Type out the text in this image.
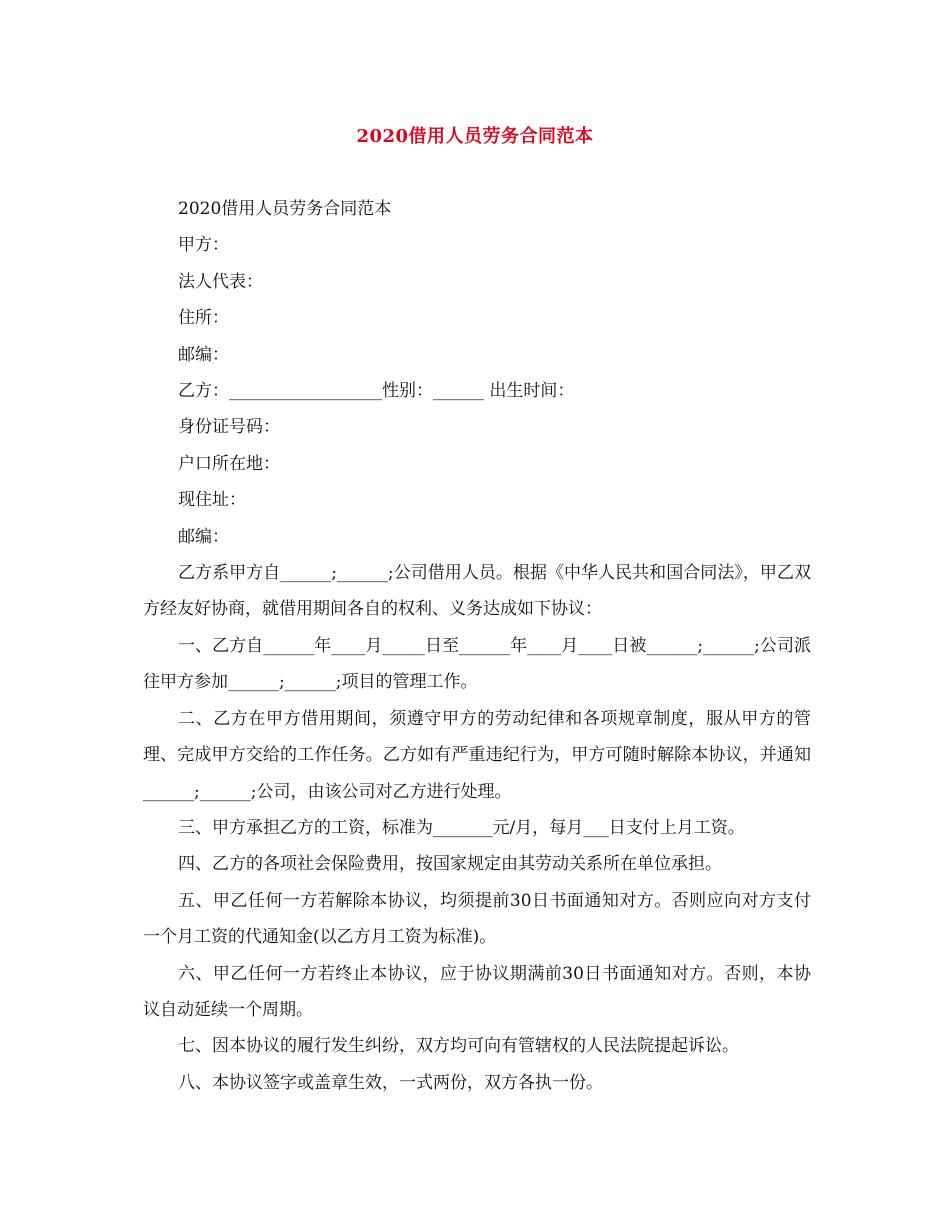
2020借用人员劳务合同范本

2020借用人员劳务合同范本

甲方：

法人代表：

住所：

邮编：

乙方：__________________性别：______ 出生时间：

身份证号码：

户口所在地：

现住址：

邮编：

乙方系甲方自______;______;公司借用人员。根据《中华人民共和国合同法》，甲乙双方经友好协商，就借用期间各自的权利、义务达成如下协议：

一、乙方自______年____月_____日至______年____月____日被______;______;公司派往甲方参加______;______;项目的管理工作。

二、乙方在甲方借用期间，须遵守甲方的劳动纪律和各项规章制度，服从甲方的管理、完成甲方交给的工作任务。乙方如有严重违纪行为，甲方可随时解除本协议，并通知______;______;公司，由该公司对乙方进行处理。

三、甲方承担乙方的工资，标准为_______元/月，每月___日支付上月工资。

四、乙方的各项社会保险费用，按国家规定由其劳动关系所在单位承担。

五、甲乙任何一方若解除本协议，均须提前30日书面通知对方。否则应向对方支付一个月工资的代通知金(以乙方月工资为标准)。

六、甲乙任何一方若终止本协议，应于协议期满前30日书面通知对方。否则，本协议自动延续一个周期。

七、因本协议的履行发生纠纷，双方均可向有管辖权的人民法院提起诉讼。

八、本协议签字或盖章生效，一式两份，双方各执一份。
